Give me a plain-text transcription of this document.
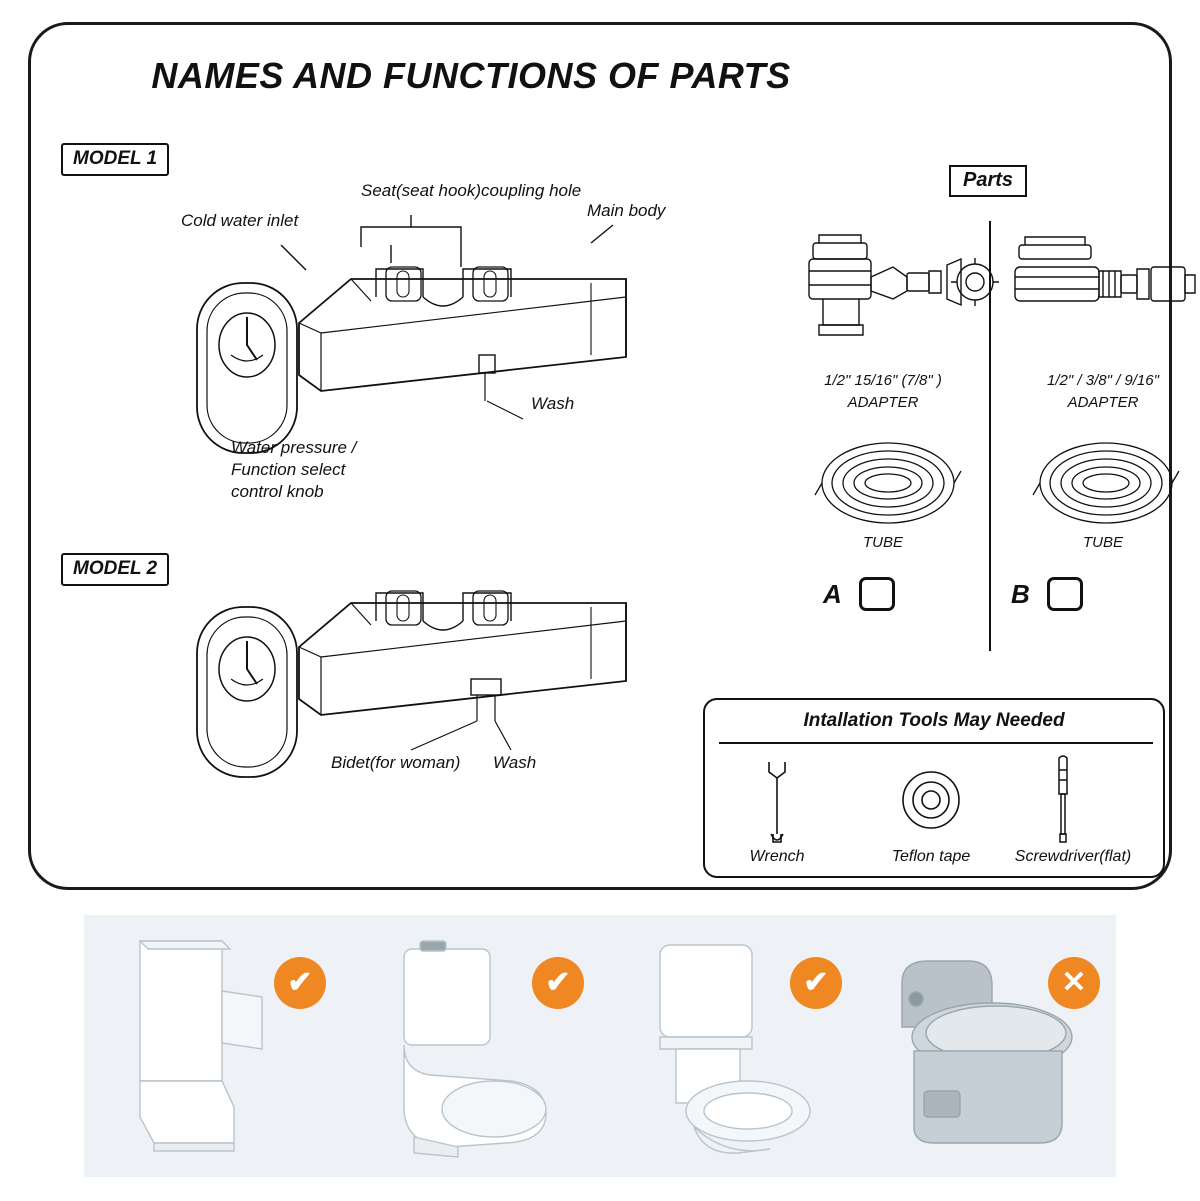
NAMES AND FUNCTIONS OF PARTS
MODEL 1
Cold water inlet
Seat(seat hook)coupling hole
Main body
Wash
Water pressure /
Function select
control knob
MODEL 2
Bidet(for woman) Wash
Parts
1/2" 15/16" (7/8" )
ADAPTER
TUBE
A
1/2" / 3/8" / 9/16"
ADAPTER
TUBE
B
Intallation Tools May Needed
Wrench	Teflon tape	Screwdriver(flat)
✔	✔	✔	✕
